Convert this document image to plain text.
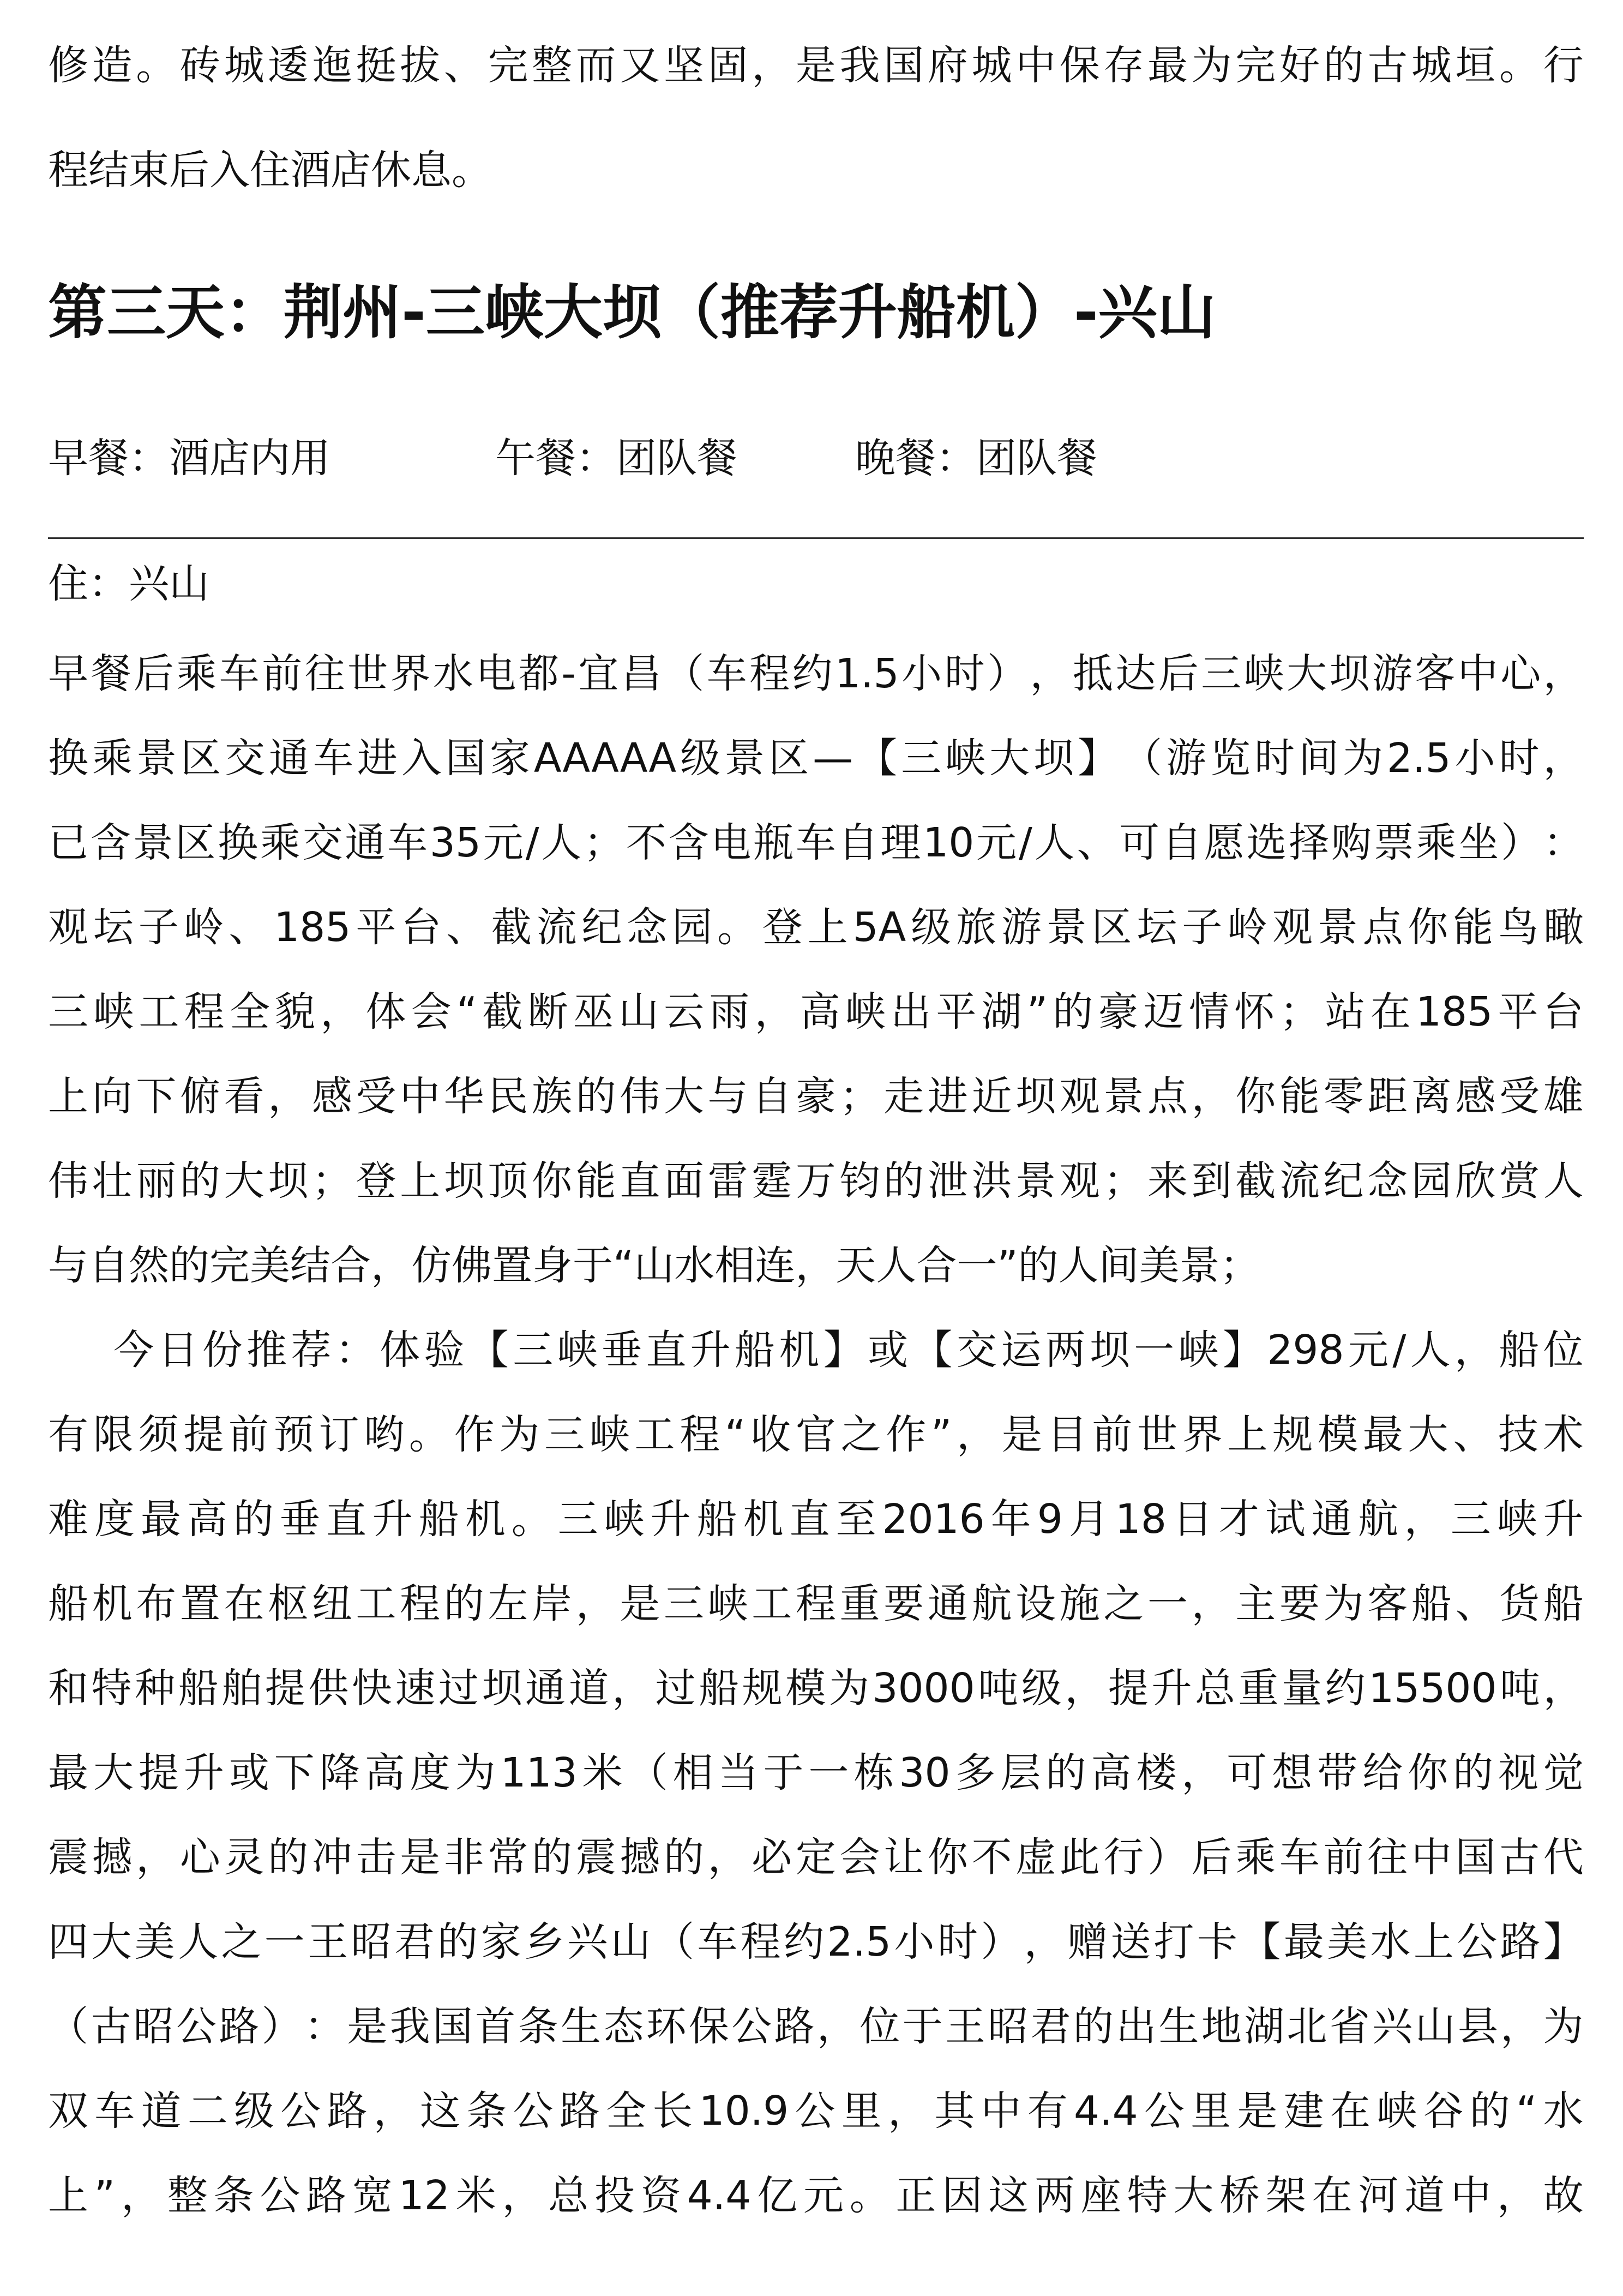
修 造 。 砖 城 逶 迤 挺 拔 、 完 整 而 又 坚 固 ， 是 我 国 府 城 中 保 存 最 为 完 好 的 古 城 垣 。 行
程结束后入住酒店休息。
第三天：荆州-三峡大坝（推荐升船机）-兴山
早餐：酒店内用	午餐：团队餐	晚餐：团队餐
住：兴山
早 餐 后 乘 车 前 往 世 界 水 电 都 - 宜 昌 （ 车 程 约 1.5 小 时 ） ， 抵 达 后 三 峡 大 坝 游 客 中 心 ，
换 乘 景 区 交 通 车 进 入 国 家 AAAAA 级 景 区 — 【 三 峡 大 坝 】 （ 游 览 时 间 为 2.5 小 时 ，
已 含 景 区 换 乘 交 通 车 35 元 / 人 ； 不 含 电 瓶 车 自 理 10 元 / 人 、 可 自 愿 选 择 购 票 乘 坐 ） ：
观 坛 子 岭 、 185 平 台 、 截 流 纪 念 园 。 登 上 5A 级 旅 游 景 区 坛 子 岭 观 景 点 你 能 鸟 瞰
三 峡 工 程 全 貌 ， 体 会 “ 截 断 巫 山 云 雨 ， 高 峡 出 平 湖 ” 的 豪 迈 情 怀 ； 站 在 185 平 台
上 向 下 俯 看 ， 感 受 中 华 民 族 的 伟 大 与 自 豪 ； 走 进 近 坝 观 景 点 ， 你 能 零 距 离 感 受 雄
伟 壮 丽 的 大 坝 ； 登 上 坝 顶 你 能 直 面 雷 霆 万 钧 的 泄 洪 景 观 ； 来 到 截 流 纪 念 园 欣 赏 人
与自然的完美结合，仿佛置身于“山水相连，天人合一”的人间美景；
今 日 份 推 荐 ： 体 验 【 三 峡 垂 直 升 船 机 】 或 【 交 运 两 坝 一 峡 】 298 元 / 人 ， 船 位
有 限 须 提 前 预 订 哟 。 作 为 三 峡 工 程 “ 收 官 之 作 ” ， 是 目 前 世 界 上 规 模 最 大 、 技 术
难 度 最 高 的 垂 直 升 船 机 。 三 峡 升 船 机 直 至 2016 年 9 月 18 日 才 试 通 航 ， 三 峡 升
船 机 布 置 在 枢 纽 工 程 的 左 岸 ， 是 三 峡 工 程 重 要 通 航 设 施 之 一 ， 主 要 为 客 船 、 货 船
和 特 种 船 舶 提 供 快 速 过 坝 通 道 ， 过 船 规 模 为 3000 吨 级 ， 提 升 总 重 量 约 15500 吨 ，
最 大 提 升 或 下 降 高 度 为 113 米 （ 相 当 于 一 栋 30 多 层 的 高 楼 ， 可 想 带 给 你 的 视 觉
震 撼 ， 心 灵 的 冲 击 是 非 常 的 震 撼 的 ， 必 定 会 让 你 不 虚 此 行 ） 后 乘 车 前 往 中 国 古 代
四 大 美 人 之 一 王 昭 君 的 家 乡 兴 山 （ 车 程 约 2.5 小 时 ） ， 赠 送 打 卡 【 最 美 水 上 公 路 】
（ 古 昭 公 路 ） ： 是 我 国 首 条 生 态 环 保 公 路 ， 位 于 王 昭 君 的 出 生 地 湖 北 省 兴 山 县 ， 为
双 车 道 二 级 公 路 ， 这 条 公 路 全 长 10.9 公 里 ， 其 中 有 4.4 公 里 是 建 在 峡 谷 的 “ 水
上 ” ， 整 条 公 路 宽 12 米 ， 总 投 资 4.4 亿 元 。 正 因 这 两 座 特 大 桥 架 在 河 道 中 ， 故
